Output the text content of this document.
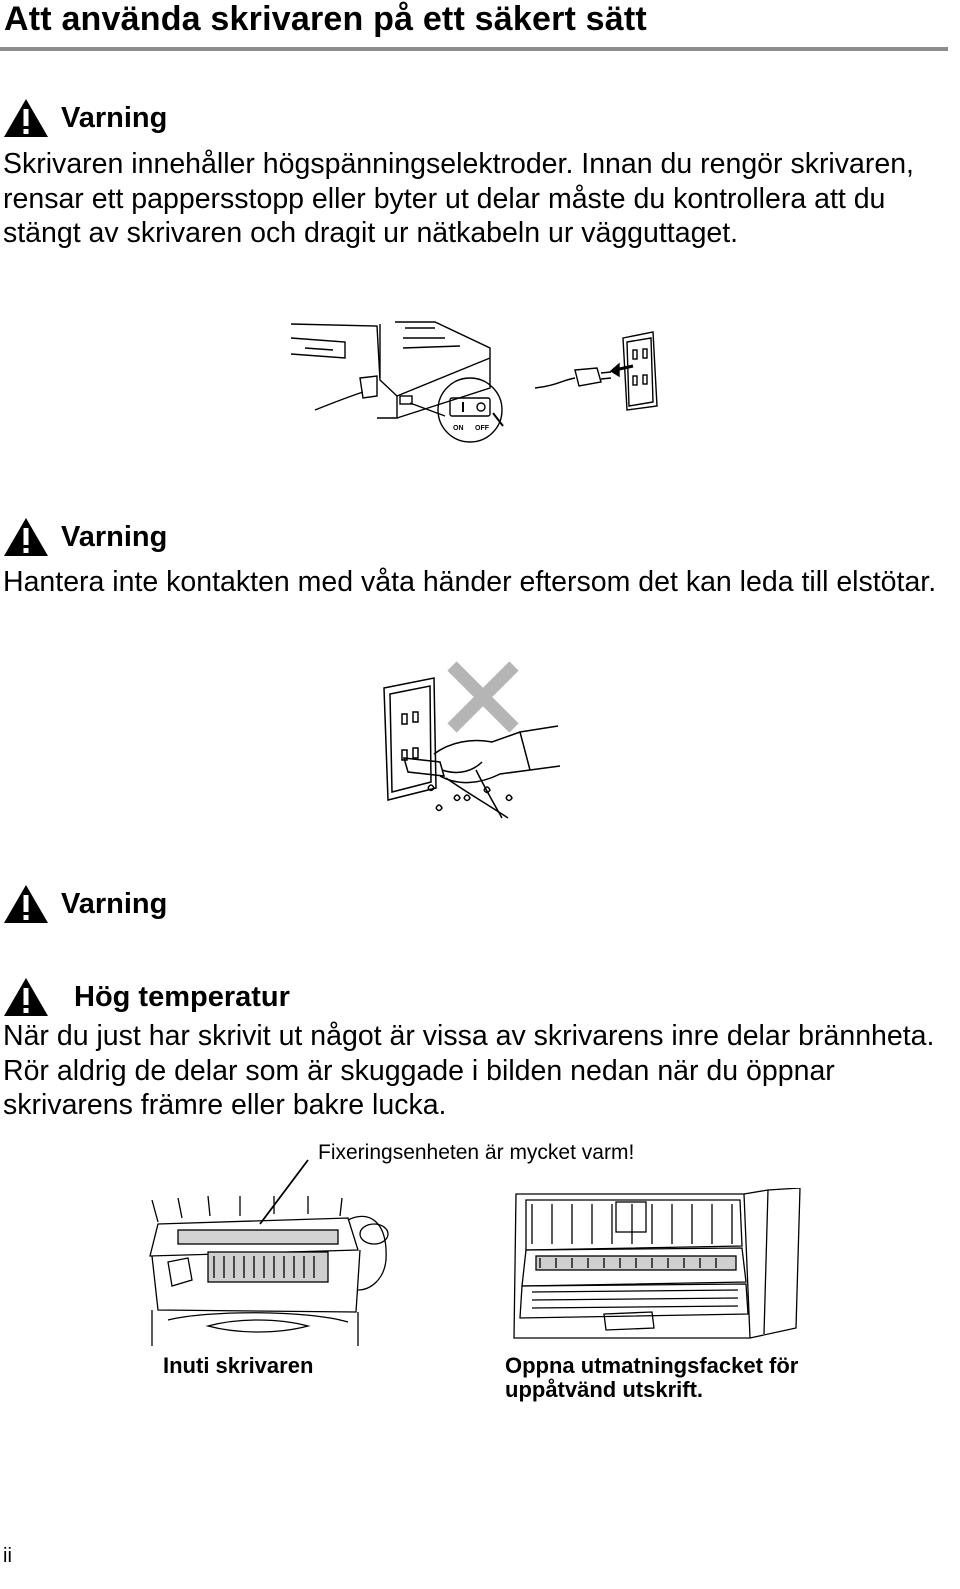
Att använda skrivaren på ett säkert sätt
Varning
Skrivaren innehåller högspänningselektroder. Innan du rengör skrivaren, rensar ett pappersstopp eller byter ut delar måste du kontrollera att du stängt av skrivaren och dragit ur nätkabeln ur vägguttaget.
ON OFF
Varning
Hantera inte kontakten med våta händer eftersom det kan leda till elstötar.
Varning
Hög temperatur
När du just har skrivit ut något är vissa av skrivarens inre delar brännheta. Rör aldrig de delar som är skuggade i bilden nedan när du öppnar skrivarens främre eller bakre lucka.
Fixeringsenheten är mycket varm!
Inuti skrivaren	Oppna utmatningsfacket för uppåtvänd utskrift.
ii
